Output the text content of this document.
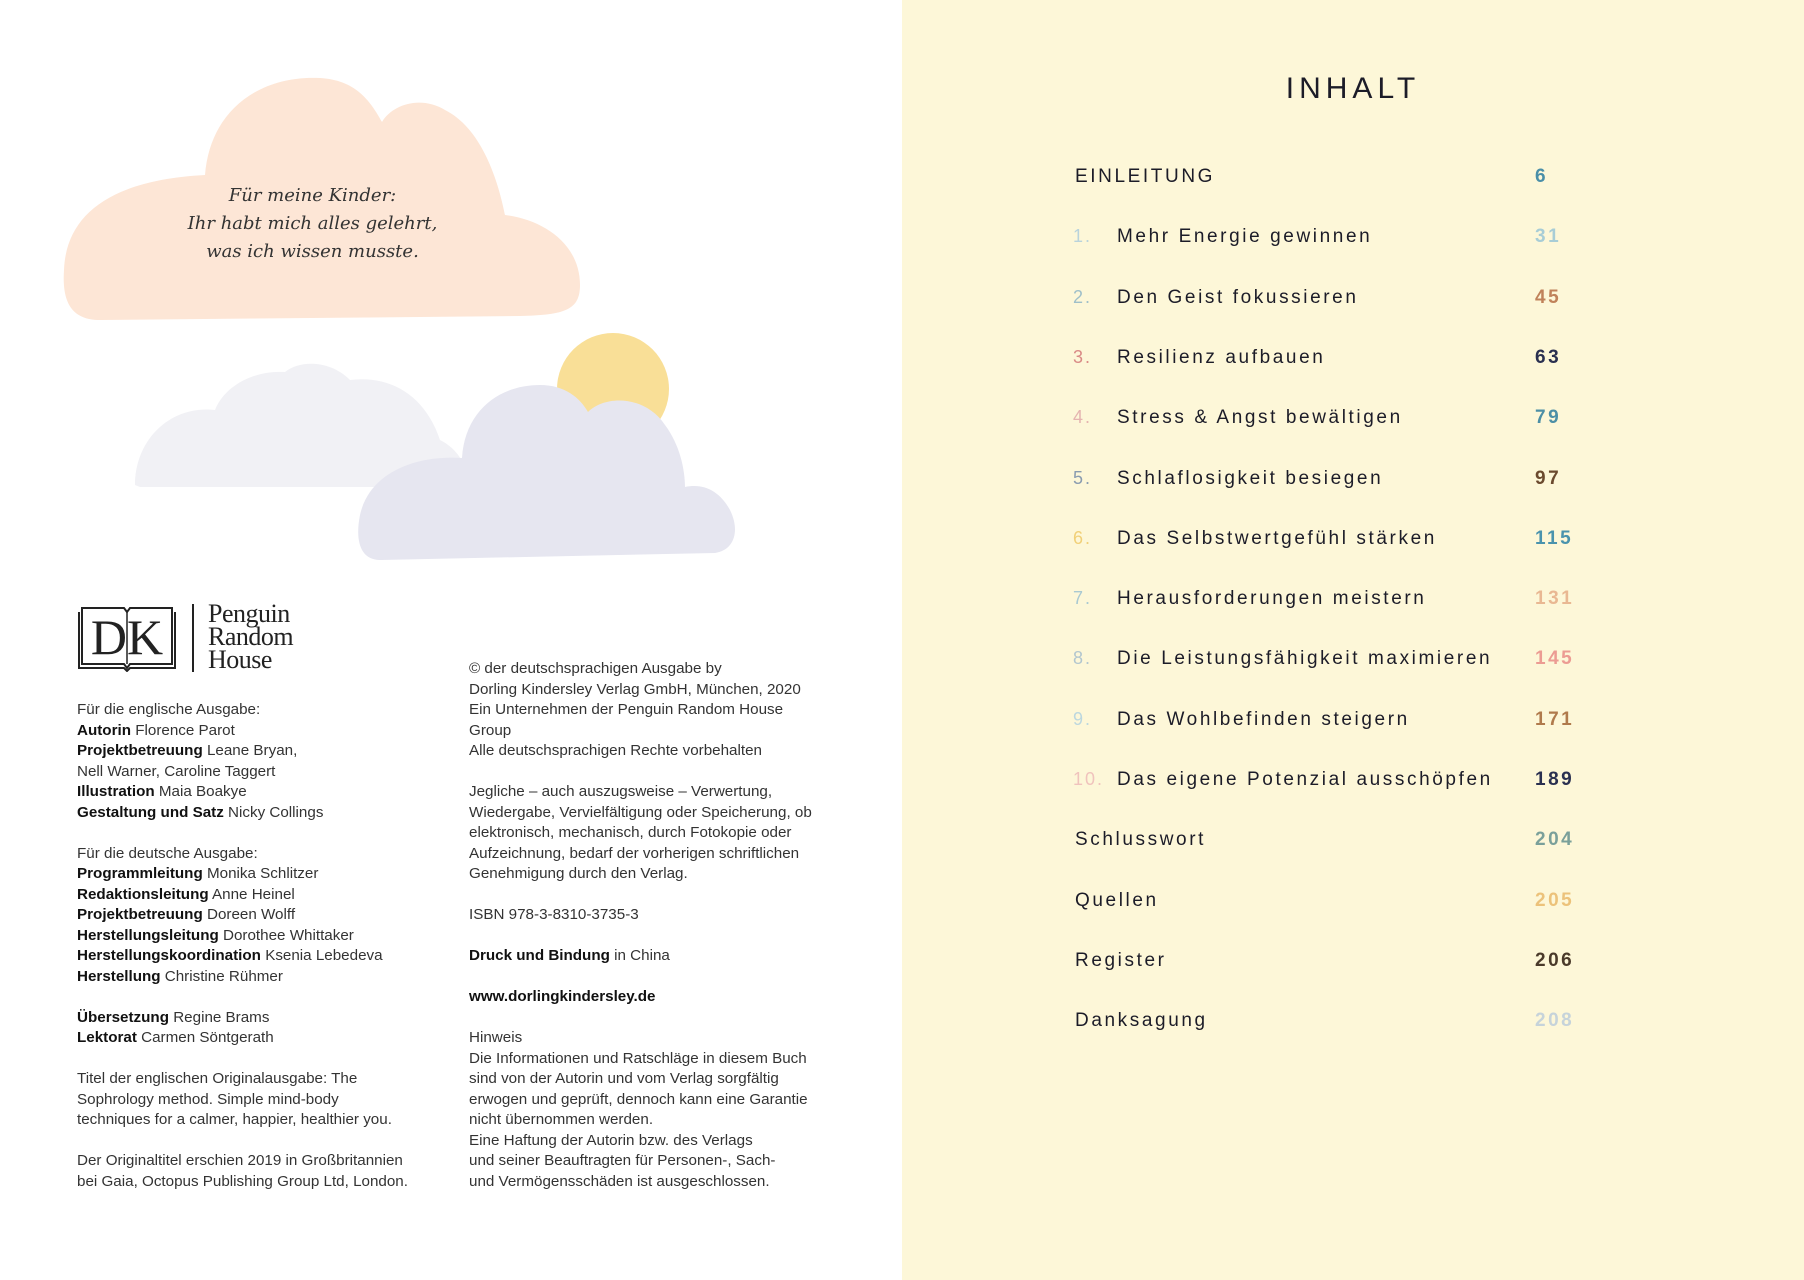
Für meine Kinder:
Ihr habt mich alles gelehrt,
was ich wissen musste.
DK Penguin
Random
House
Für die englische Ausgabe:
Autorin Florence Parot
Projektbetreuung Leane Bryan,
Nell Warner, Caroline Taggert
Illustration Maia Boakye
Gestaltung und Satz Nicky Collings
Für die deutsche Ausgabe:
Programmleitung Monika Schlitzer
Redaktionsleitung Anne Heinel
Projektbetreuung Doreen Wolff
Herstellungsleitung Dorothee Whittaker
Herstellungskoordination Ksenia Lebedeva
Herstellung Christine Rühmer
Übersetzung Regine Brams
Lektorat Carmen Söntgerath
Titel der englischen Originalausgabe: The
Sophrology method. Simple mind-body
techniques for a calmer, happier, healthier you.
Der Originaltitel erschien 2019 in Großbritannien
bei Gaia, Octopus Publishing Group Ltd, London.
© der deutschsprachigen Ausgabe by
Dorling Kindersley Verlag GmbH, München, 2020
Ein Unternehmen der Penguin Random House
Group
Alle deutschsprachigen Rechte vorbehalten
Jegliche – auch auszugsweise – Verwertung,
Wiedergabe, Vervielfältigung oder Speicherung, ob
elektronisch, mechanisch, durch Fotokopie oder
Aufzeichnung, bedarf der vorherigen schriftlichen
Genehmigung durch den Verlag.
ISBN 978-3-8310-3735-3
Druck und Bindung in China
www.dorlingkindersley.de
Hinweis
Die Informationen und Ratschläge in diesem Buch
sind von der Autorin und vom Verlag sorgfältig
erwogen und geprüft, dennoch kann eine Garantie
nicht übernommen werden.
Eine Haftung der Autorin bzw. des Verlags
und seiner Beauftragten für Personen-, Sach-
und Vermögensschäden ist ausgeschlossen.
INHALT
EINLEITUNG	6
1. Mehr Energie gewinnen	31
2. Den Geist fokussieren	45
3. Resilienz aufbauen	63
4. Stress & Angst bewältigen	79
5. Schlaflosigkeit besiegen	97
6. Das Selbstwertgefühl stärken	115
7. Herausforderungen meistern	131
8. Die Leistungsfähigkeit maximieren 145
9. Das Wohlbefinden steigern	171
10. Das eigene Potenzial ausschöpfen 189
Schlusswort	204
Quellen	205
Register	206
Danksagung	208
